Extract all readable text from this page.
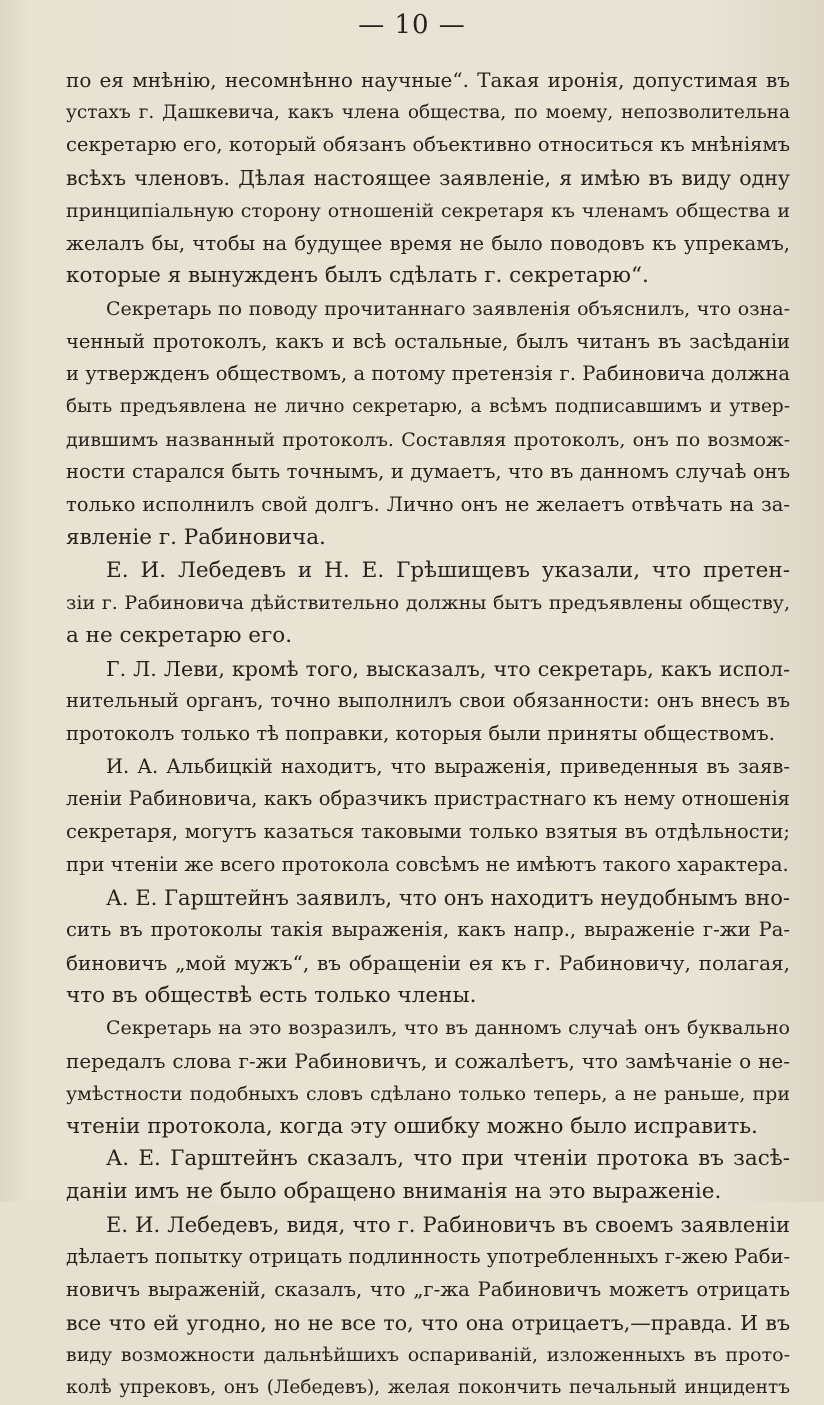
— 10 —
по ея мнѣнію, несомнѣнно научные“. Такая иронія, допустимая въ
устахъ г. Дашкевича, какъ члена общества, по моему, непозволительна
секретарю его, который обязанъ объективно относиться къ мнѣніямъ
всѣхъ членовъ. Дѣлая настоящее заявленіе, я имѣю въ виду одну
принципіальную сторону отношеній секретаря къ членамъ общества и
желалъ бы, чтобы на будущее время не было поводовъ къ упрекамъ,
которые я вынужденъ былъ сдѣлать г. секретарю“.
Секретарь по поводу прочитаннаго заявленія объяснилъ, что озна-
ченный протоколъ, какъ и всѣ остальные, былъ читанъ въ засѣданіи
и утвержденъ обществомъ, а потому претензія г. Рабиновича должна
быть предъявлена не лично секретарю, а всѣмъ подписавшимъ и утвер-
дившимъ названный протоколъ. Составляя протоколъ, онъ по возмож-
ности старался быть точнымъ, и думаетъ, что въ данномъ случаѣ онъ
только исполнилъ свой долгъ. Лично онъ не желаетъ отвѣчать на за-
явленіе г. Рабиновича.
Е. И. Лебедевъ и Н. Е. Грѣшищевъ указали, что претен-
зіи г. Рабиновича дѣйствительно должны бытъ предъявлены обществу,
а не секретарю его.
Г. Л. Леви, кромѣ того, высказалъ, что секретарь, какъ испол-
нительный органъ, точно выполнилъ свои обязанности: онъ внесъ въ
протоколъ только тѣ поправки, которыя были приняты обществомъ.
И. А. Альбицкій находитъ, что выраженія, приведенныя въ заяв-
леніи Рабиновича, какъ образчикъ пристрастнаго къ нему отношенія
секретаря, могутъ казаться таковыми только взятыя въ отдѣльности;
при чтеніи же всего протокола совсѣмъ не имѣютъ такого характера.
А. Е. Гарштейнъ заявилъ, что онъ находитъ неудобнымъ вно-
сить въ протоколы такія выраженія, какъ напр., выраженіе г-жи Ра-
биновичъ „мой мужъ“, въ обращеніи ея къ г. Рабиновичу, полагая,
что въ обществѣ есть только члены.
Секретарь на это возразилъ, что въ данномъ случаѣ онъ буквально
передалъ слова г-жи Рабиновичъ, и сожалѣетъ, что замѣчаніе о не-
умѣстности подобныхъ словъ сдѣлано только теперь, а не раньше, при
чтеніи протокола, когда эту ошибку можно было исправить.
А. Е. Гарштейнъ сказалъ, что при чтеніи протока въ засѣ-
даніи имъ не было обращено вниманія на это выраженіе.
Е. И. Лебедевъ, видя, что г. Рабиновичъ въ своемъ заявленіи
дѣлаетъ попытку отрицать подлинность употребленныхъ г-жею Раби-
новичъ выраженій, сказалъ, что „г-жа Рабиновичъ можетъ отрицать
все что ей угодно, но не все то, что она отрицаетъ,—правда. И въ
виду возможности дальнѣйшихъ оспариваній, изложенныхъ въ прото-
колѣ упрековъ, онъ (Лебедевъ), желая покончить печальный инцидентъ
